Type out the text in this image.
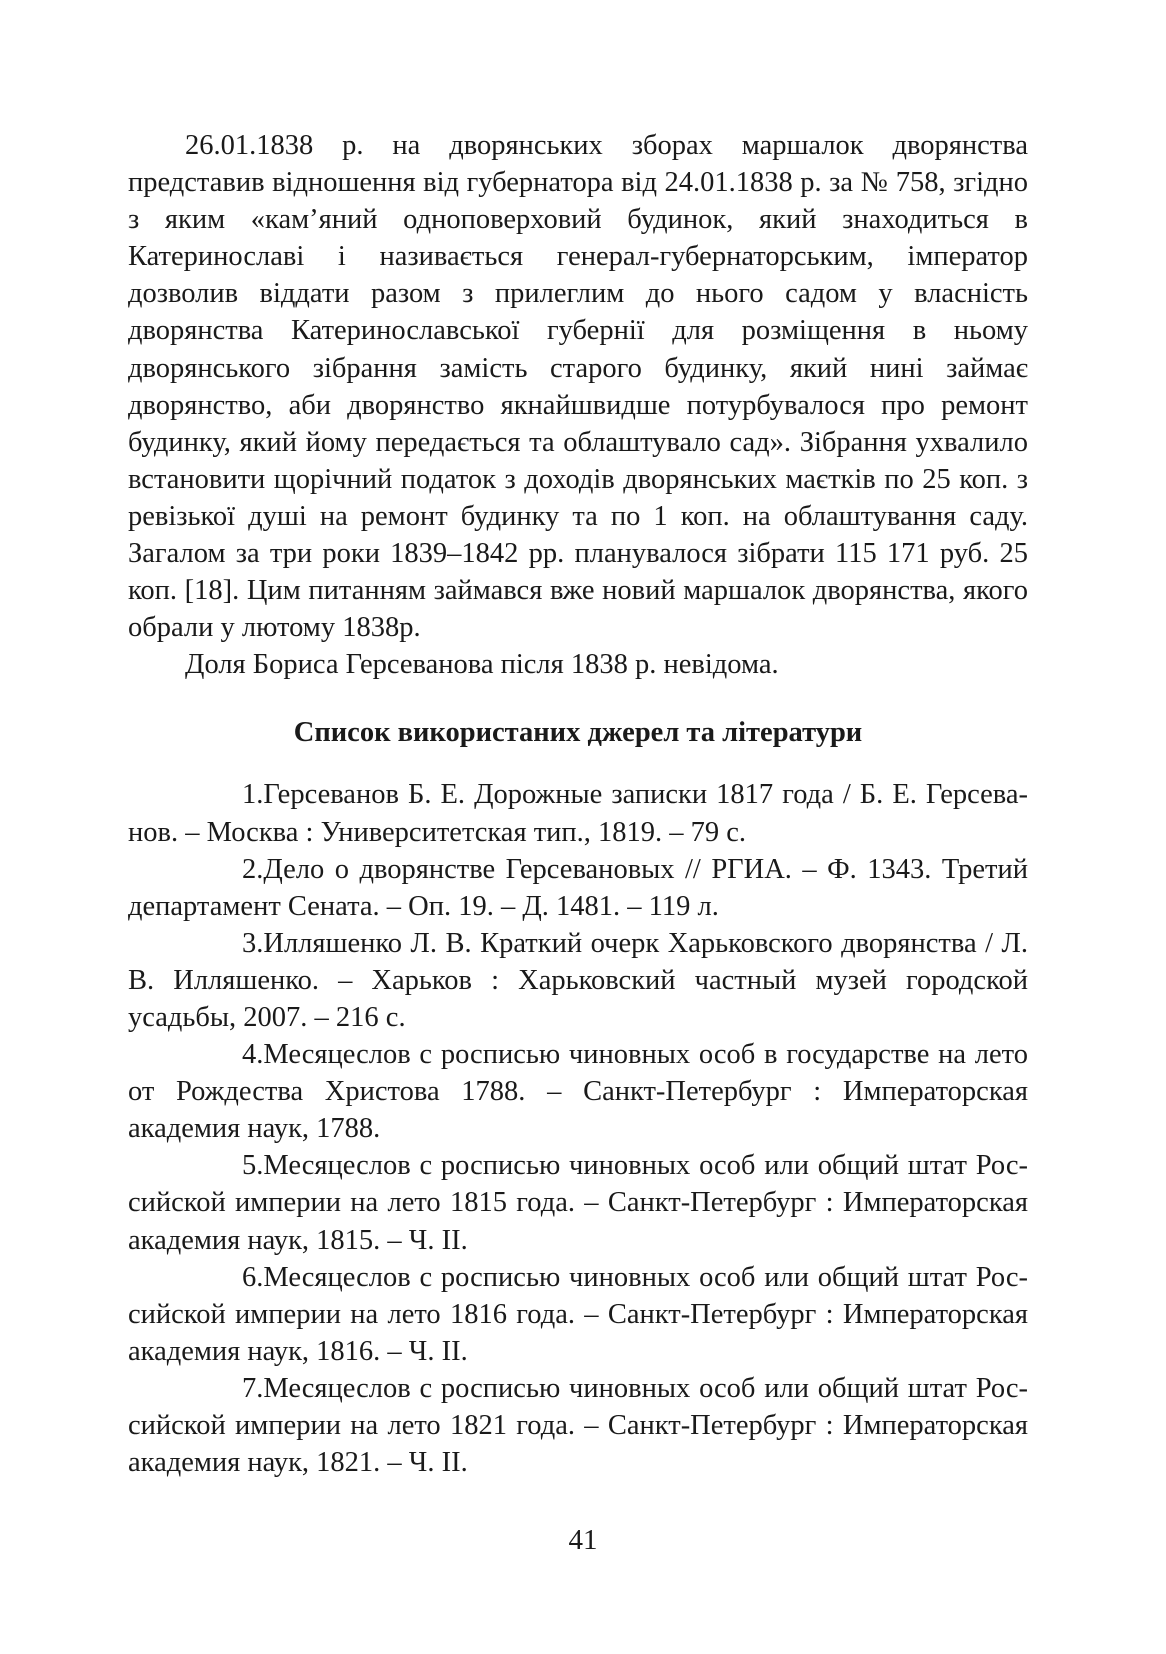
26.01.1838 р. на дворянських зборах маршалок дворянства представив відношення від губернатора від 24.01.1838 р. за № 758, згідно з яким «кам’яний одноповерховий будинок, який знаходиться в Катеринославі і називається генерал-губернаторським, імператор дозволив віддати разом з прилеглим до нього садом у власність дворянства Катеринославської губернії для розміщення в ньому дворянського зібрання замість старого будинку, який нині займає дворянство, аби дворянство якнайшвидше потурбувалося про ремонт будинку, який йому передається та облаштувало сад». Зібрання ухвалило встановити щорічний податок з доходів дворянських маєтків по 25 коп. з ревізької душі на ремонт будинку та по 1 коп. на облаштування саду. Загалом за три роки 1839–1842 рр. планувалося зібрати 115 171 руб. 25 коп. [18]. Цим питанням займався вже новий маршалок дворянства, якого обрали у лютому 1838р.

Доля Бориса Герсеванова після 1838 р. невідома.

Список використаних джерел та літератури

1.Герсеванов Б. Е. Дорожные записки 1817 года / Б. Е. Герсеванов. – Москва : Университетская тип., 1819. – 79 с.

2.Дело о дворянстве Герсевановых // РГИА. – Ф. 1343. Третий департамент Сената. – Оп. 19. – Д. 1481. – 119 л.

3.Илляшенко Л. В. Краткий очерк Харьковского дворянства / Л. В. Илляшенко. – Харьков : Харьковский частный музей городской усадьбы, 2007. – 216 с.

4.Месяцеслов с росписью чиновных особ в государстве на лето от Рождества Христова 1788. – Санкт-Петербург : Императорская академия наук, 1788.

5.Месяцеслов с росписью чиновных особ или общий штат Российской империи на лето 1815 года. – Санкт-Петербург : Императорская академия наук, 1815. – Ч. ІІ.

6.Месяцеслов с росписью чиновных особ или общий штат Российской империи на лето 1816 года. – Санкт-Петербург : Императорская академия наук, 1816. – Ч. ІІ.

7.Месяцеслов с росписью чиновных особ или общий штат Российской империи на лето 1821 года. – Санкт-Петербург : Императорская академия наук, 1821. – Ч. ІІ.

41
